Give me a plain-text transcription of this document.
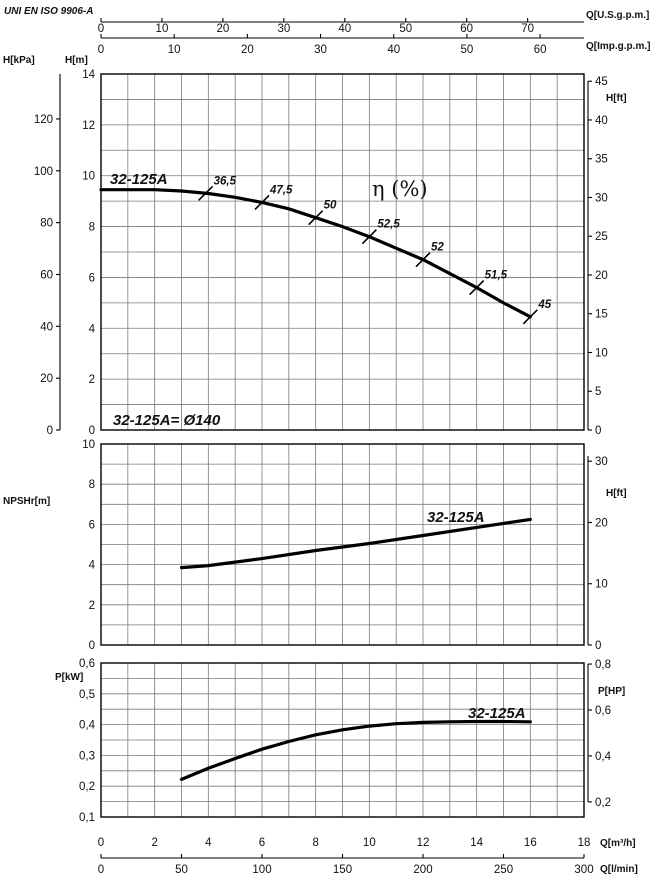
UNI EN ISO 9906-A
0	10	20	30	40	50	60	70
0	10	20	30	40	50	60
Q[U.S.g.p.m.]
Q[Imp.g.p.m.]
0	2	4	6	8	10	12	14	16	18
0	50	100	150	200	250	300
Q[m³/h]
Q[l/min]
0
20
40
60
80
100
120
H[kPa]	H[m]
0
2
4
6
8
10
12
14
0
5
10
15
20
25
30
35
40
45
H[ft]
0
2
4
6
8
10
NPSHr[m]
0
10
20
30
H[ft]
0,1
0,2
0,3
0,4
0,5
0,6
P[kW]
0,2
0,4
0,6
0,8
P[HP]
36,5
47,5
50
52,5
52
51,5
45
32-125A
32-125A
32-125A
η (%)
32-125A= Ø140
